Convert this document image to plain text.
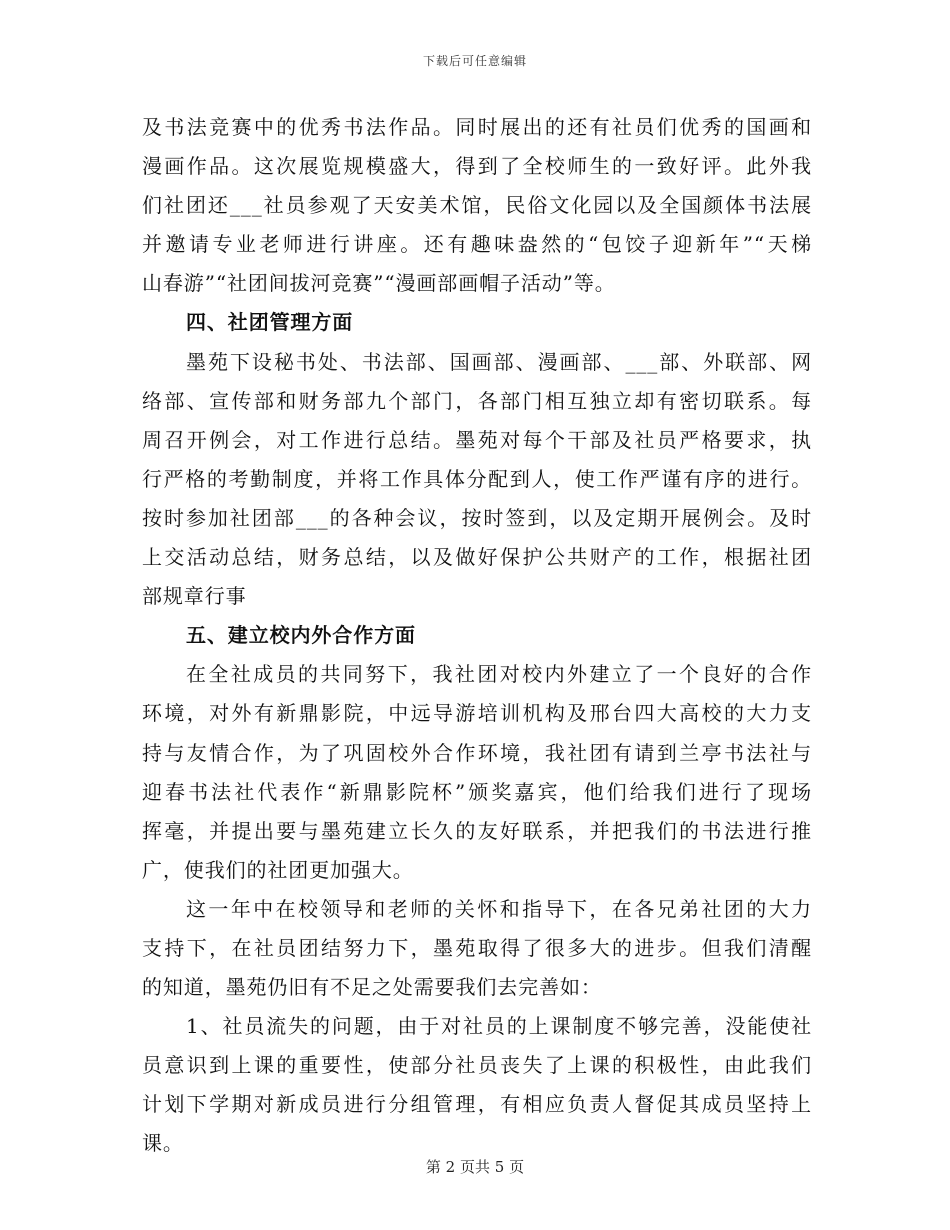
下载后可任意编辑
及书法竞赛中的优秀书法作品。同时展出的还有社员们优秀的国画和
漫画作品。这次展览规模盛大，得到了全校师生的一致好评。此外我
们社团还___社员参观了天安美术馆，民俗文化园以及全国颜体书法展
并邀请专业老师进行讲座。还有趣味盎然的“包饺子迎新年”“天梯
山春游”“社团间拔河竞赛”“漫画部画帽子活动”等。
四、社团管理方面
墨苑下设秘书处、书法部、国画部、漫画部、___部、外联部、网
络部、宣传部和财务部九个部门，各部门相互独立却有密切联系。每
周召开例会，对工作进行总结。墨苑对每个干部及社员严格要求，执
行严格的考勤制度，并将工作具体分配到人，使工作严谨有序的进行。
按时参加社团部___的各种会议，按时签到，以及定期开展例会。及时
上交活动总结，财务总结，以及做好保护公共财产的工作，根据社团
部规章行事
五、建立校内外合作方面
在全社成员的共同努下，我社团对校内外建立了一个良好的合作
环境，对外有新鼎影院，中远导游培训机构及邢台四大高校的大力支
持与友情合作，为了巩固校外合作环境，我社团有请到兰亭书法社与
迎春书法社代表作“新鼎影院杯”颁奖嘉宾，他们给我们进行了现场
挥毫，并提出要与墨苑建立长久的友好联系，并把我们的书法进行推
广，使我们的社团更加强大。
这一年中在校领导和老师的关怀和指导下，在各兄弟社团的大力
支持下，在社员团结努力下，墨苑取得了很多大的进步。但我们清醒
的知道，墨苑仍旧有不足之处需要我们去完善如：
1、社员流失的问题，由于对社员的上课制度不够完善，没能使社
员意识到上课的重要性，使部分社员丧失了上课的积极性，由此我们
计划下学期对新成员进行分组管理，有相应负责人督促其成员坚持上
课。
第 2 页共 5 页
